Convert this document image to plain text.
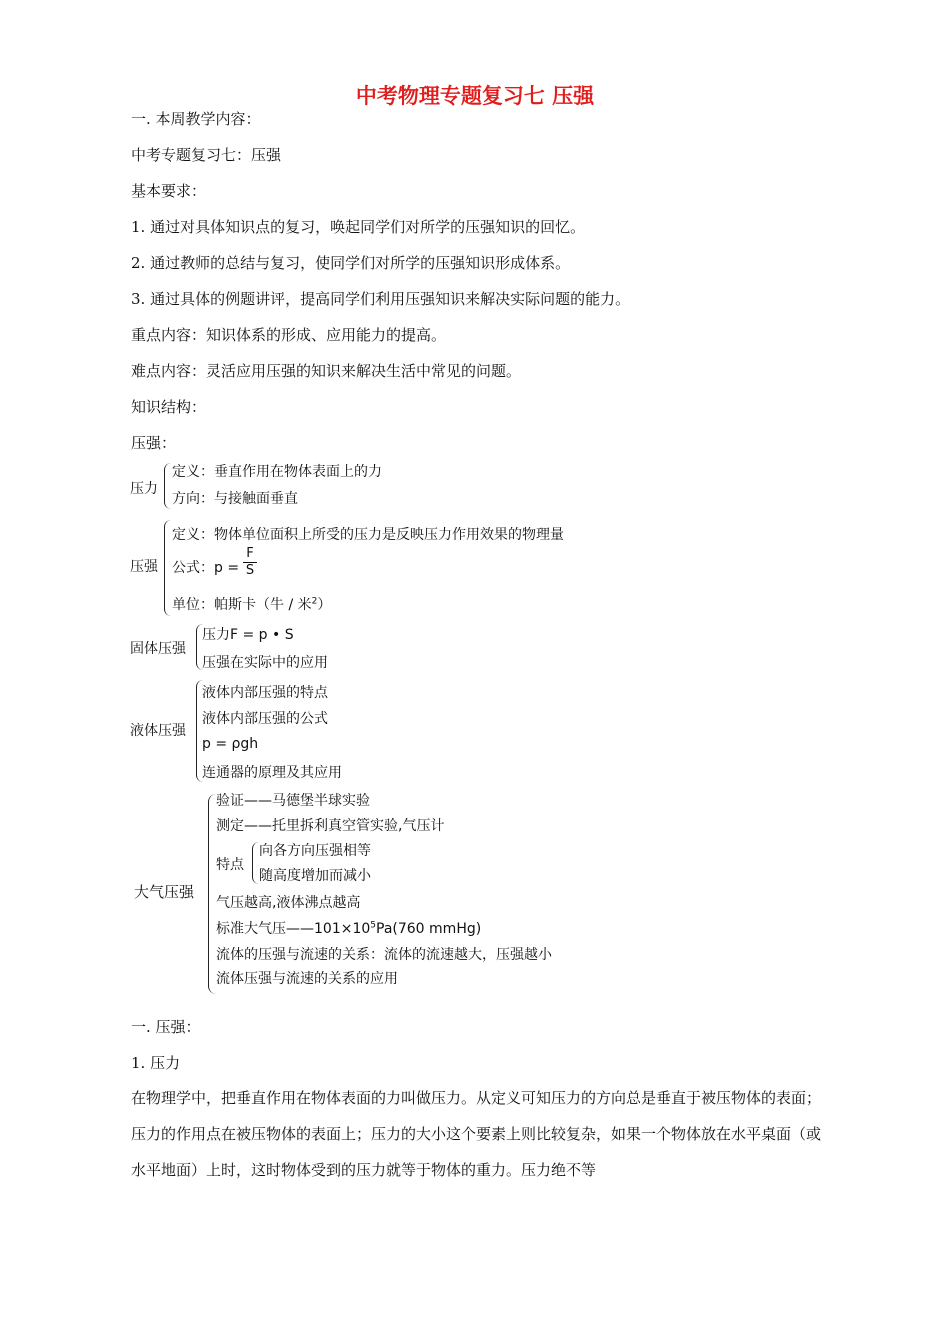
中考物理专题复习七 压强
一. 本周教学内容：
中考专题复习七：压强
基本要求：
1. 通过对具体知识点的复习，唤起同学们对所学的压强知识的回忆。
2. 通过教师的总结与复习，使同学们对所学的压强知识形成体系。
3. 通过具体的例题讲评，提高同学们利用压强知识来解决实际问题的能力。
重点内容：知识体系的形成、应用能力的提高。
难点内容：灵活应用压强的知识来解决生活中常见的问题。
知识结构：
压强：
压力
定义：垂直作用在物体表面上的力
方向：与接触面垂直
压强
定义：物体单位面积上所受的压力是反映压力作用效果的物理量
公式：p =
F
S
单位：帕斯卡（牛 / 米$^2$）
固体压强
压力F = p • S
压强在实际中的应用
液体压强
液体内部压强的特点
液体内部压强的公式
p = ρgh
连通器的原理及其应用
大气压强
验证——马德堡半球实验
测定——托里拆利真空管实验,气压计
特点
向各方向压强相等
随高度增加而减小
气压越高,液体沸点越高
标准大气压$——101\times 10^5Pa(760$ mmHg)
流体的压强与流速的关系：流体的流速越大，压强越小
流体压强与流速的关系的应用
一. 压强：
1. 压力
在物理学中，把垂直作用在物体表面的力叫做压力。从定义可知压力的方向总是垂直于被压物体的表面；压力的作用点在被压物体的表面上；压力的大小这个要素上则比较复杂，如果一个物体放在水平桌面（或水平地面）上时，这时物体受到的压力就等于物体的重力。压力绝不等
